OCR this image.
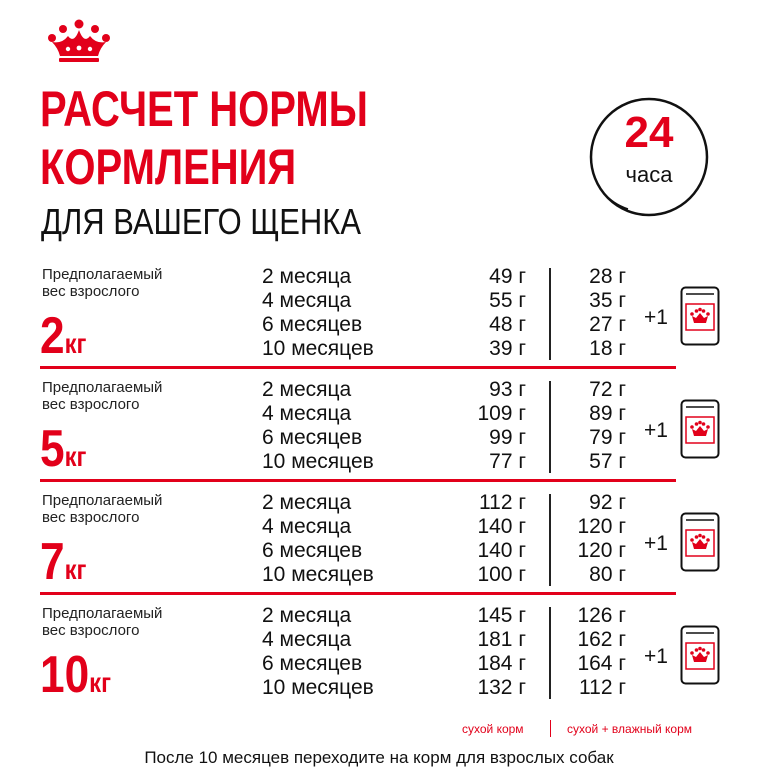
РАСЧЕТ НОРМЫ
КОРМЛЕНИЯ
ДЛЯ ВАШЕГО ЩЕНКА
24
часа
Предполагаемый
вес взрослого
2кг
2 месяца	49 г	28 г
4 месяца	55 г	35 г
6 месяцев	48 г	27 г
10 месяцев	39 г	18 г
+1
Предполагаемый
вес взрослого
5кг
2 месяца	93 г	72 г
4 месяца	109 г	89 г
6 месяцев	99 г	79 г
10 месяцев	77 г	57 г
+1
Предполагаемый
вес взрослого
7кг
2 месяца	112 г	92 г
4 месяца	140 г	120 г
6 месяцев	140 г	120 г
10 месяцев	100 г	80 г
+1
Предполагаемый
вес взрослого
10кг
2 месяца	145 г	126 г
4 месяца	181 г	162 г
6 месяцев	184 г	164 г
10 месяцев	132 г	112 г
+1
сухой корм	сухой + влажный корм
После 10 месяцев переходите на корм для взрослых собак
